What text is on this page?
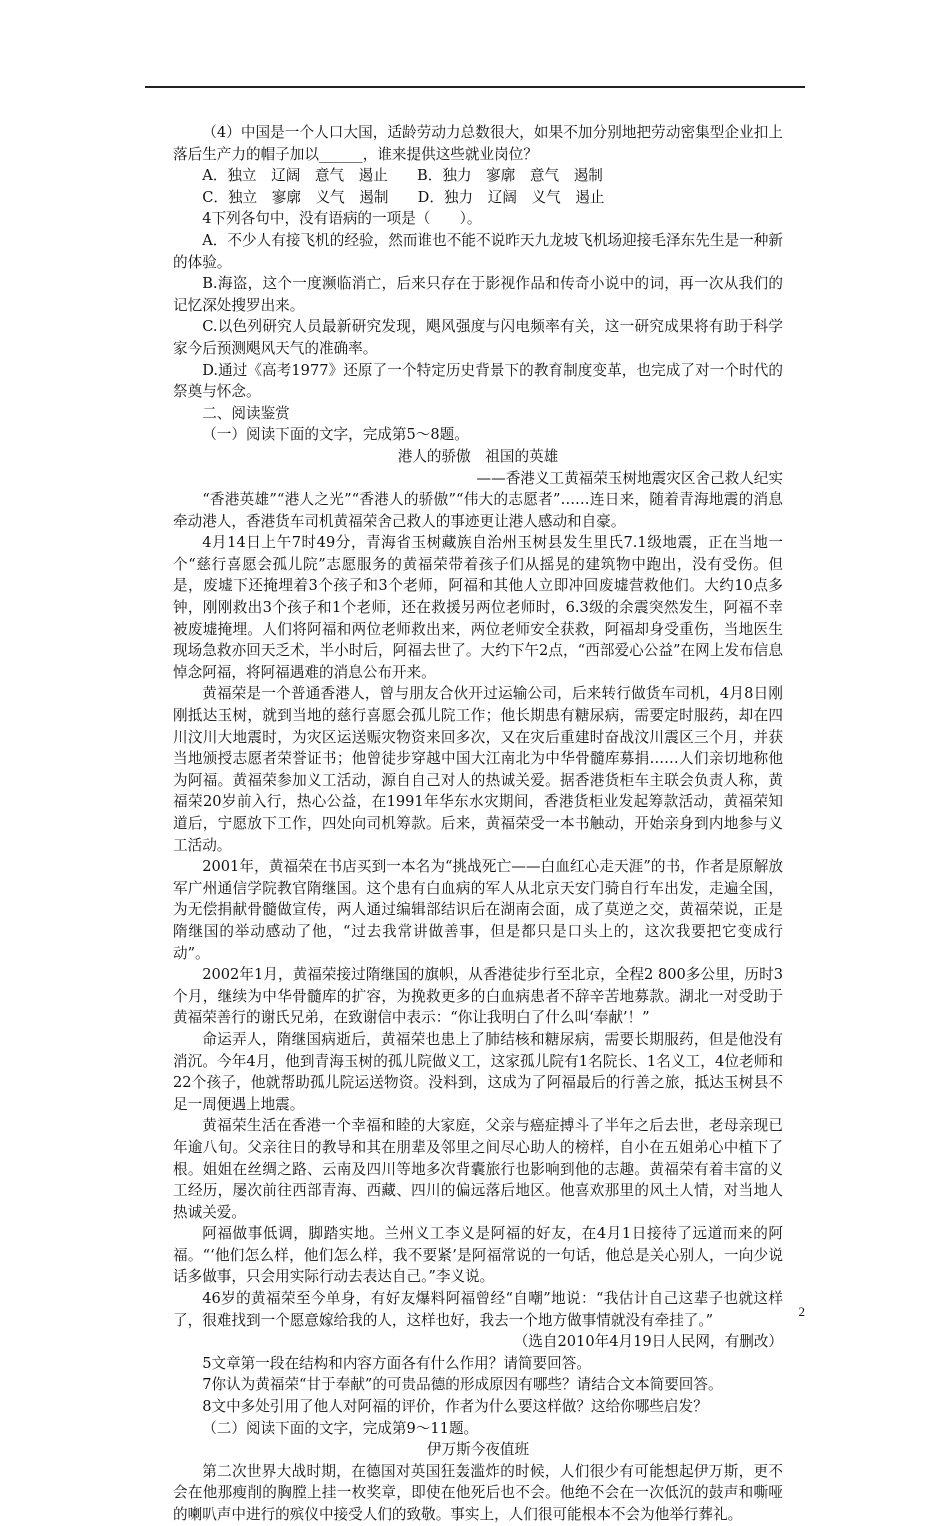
（4）中国是一个人口大国，适龄劳动力总数很大，如果不加分别地把劳动密集型企业扣上落后生产力的帽子加以______，谁来提供这些就业岗位？

A．独立　辽阔　意气　遏止　　B．独力　寥廓　意气　遏制

C．独立　寥廓　义气　遏制　　D．独力　辽阔　义气　遏止

4下列各句中，没有语病的一项是（　　）。

A．不少人有接飞机的经验，然而谁也不能不说昨天九龙坡飞机场迎接毛泽东先生是一种新的体验。

B.海盗，这个一度濒临消亡，后来只存在于影视作品和传奇小说中的词，再一次从我们的记忆深处搜罗出来。

C.以色列研究人员最新研究发现，飓风强度与闪电频率有关，这一研究成果将有助于科学家今后预测飓风天气的准确率。

D.通过《高考1977》还原了一个特定历史背景下的教育制度变革，也完成了对一个时代的祭奠与怀念。

二、阅读鉴赏

（一）阅读下面的文字，完成第5～8题。

港人的骄傲　祖国的英雄

——香港义工黄福荣玉树地震灾区舍己救人纪实

“香港英雄”“港人之光”“香港人的骄傲”“伟大的志愿者”……连日来，随着青海地震的消息牵动港人，香港货车司机黄福荣舍己救人的事迹更让港人感动和自豪。

4月14日上午7时49分，青海省玉树藏族自治州玉树县发生里氏7.1级地震，正在当地一个“慈行喜愿会孤儿院”志愿服务的黄福荣带着孩子们从摇晃的建筑物中跑出，没有受伤。但是，废墟下还掩埋着3个孩子和3个老师，阿福和其他人立即冲回废墟营救他们。大约10点多钟，刚刚救出3个孩子和1个老师，还在救援另两位老师时，6.3级的余震突然发生，阿福不幸被废墟掩埋。人们将阿福和两位老师救出来，两位老师安全获救，阿福却身受重伤，当地医生现场急救亦回天乏术，半小时后，阿福去世了。大约下午2点，“西部爱心公益”在网上发布信息悼念阿福，将阿福遇难的消息公布开来。

黄福荣是一个普通香港人，曾与朋友合伙开过运输公司，后来转行做货车司机，4月8日刚刚抵达玉树，就到当地的慈行喜愿会孤儿院工作；他长期患有糖尿病，需要定时服药，却在四川汶川大地震时，为灾区运送赈灾物资来回多次，又在灾后重建时奋战汶川震区三个月，并获当地颁授志愿者荣誉证书；他曾徒步穿越中国大江南北为中华骨髓库募捐……人们亲切地称他为阿福。黄福荣参加义工活动，源自自己对人的热诚关爱。据香港货柜车主联会负责人称，黄福荣20岁前入行，热心公益，在1991年华东水灾期间，香港货柜业发起筹款活动，黄福荣知道后，宁愿放下工作，四处向司机筹款。后来，黄福荣受一本书触动，开始亲身到内地参与义工活动。

2001年，黄福荣在书店买到一本名为“挑战死亡——白血红心走天涯”的书，作者是原解放军广州通信学院教官隋继国。这个患有白血病的军人从北京天安门骑自行车出发，走遍全国，为无偿捐献骨髓做宣传，两人通过编辑部结识后在湖南会面，成了莫逆之交，黄福荣说，正是隋继国的举动感动了他，“过去我常讲做善事，但是都只是口头上的，这次我要把它变成行动”。

2002年1月，黄福荣接过隋继国的旗帜，从香港徒步行至北京，全程2 800多公里，历时3个月，继续为中华骨髓库的扩容，为挽救更多的白血病患者不辞辛苦地募款。湖北一对受助于黄福荣善行的谢氏兄弟，在致谢信中表示：“你让我明白了什么叫‘奉献’！”

命运弄人，隋继国病逝后，黄福荣也患上了肺结核和糖尿病，需要长期服药，但是他没有消沉。今年4月，他到青海玉树的孤儿院做义工，这家孤儿院有1名院长、1名义工，4位老师和22个孩子，他就帮助孤儿院运送物资。没料到，这成为了阿福最后的行善之旅，抵达玉树县不足一周便遇上地震。

黄福荣生活在香港一个幸福和睦的大家庭，父亲与癌症搏斗了半年之后去世，老母亲现已年逾八旬。父亲往日的教导和其在朋辈及邻里之间尽心助人的榜样，自小在五姐弟心中植下了根。姐姐在丝绸之路、云南及四川等地多次背囊旅行也影响到他的志趣。黄福荣有着丰富的义工经历，屡次前往西部青海、西藏、四川的偏远落后地区。他喜欢那里的风土人情，对当地人热诚关爱。

阿福做事低调，脚踏实地。兰州义工李义是阿福的好友，在4月1日接待了远道而来的阿福。“‘他们怎么样，他们怎么样，我不要紧’是阿福常说的一句话，他总是关心别人，一向少说话多做事，只会用实际行动去表达自己。”李义说。

46岁的黄福荣至今单身，有好友爆料阿福曾经“自嘲”地说：“我估计自己这辈子也就这样了，很难找到一个愿意嫁给我的人，这样也好，我去一个地方做事情就没有牵挂了。”

（选自2010年4月19日人民网，有删改）

5文章第一段在结构和内容方面各有什么作用？请简要回答。

7你认为黄福荣“甘于奉献”的可贵品德的形成原因有哪些？请结合文本简要回答。

8文中多处引用了他人对阿福的评价，作者为什么要这样做？这给你哪些启发？

（二）阅读下面的文字，完成第9～11题。

伊万斯今夜值班

第二次世界大战时期，在德国对英国狂轰滥炸的时候，人们很少有可能想起伊万斯，更不会在他那瘦削的胸膛上挂一枚奖章，即使在他死后也不会。他绝不会在一次低沉的鼓声和嘶哑的喇叭声中进行的殡仪中接受人们的致敬。事实上，人们很可能根本不会为他举行葬礼。

2
